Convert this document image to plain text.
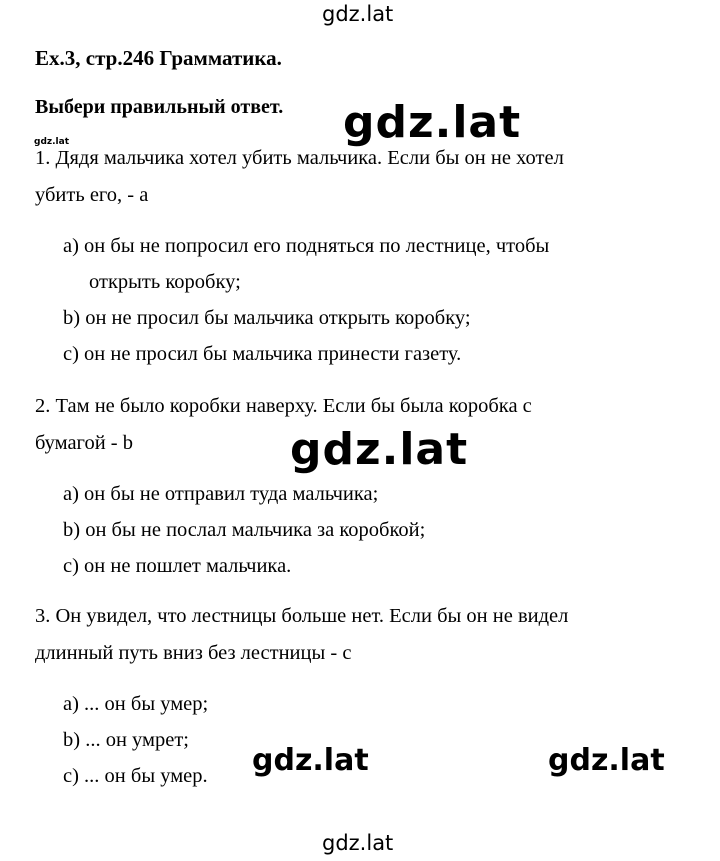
gdz.lat
gdz.lat	gdz.lat
gdz.lat
gdz.lat	gdz.lat
gdz.lat
Ex.3, стр.246 Грамматика.
Выбери правильный ответ.
1. Дядя мальчика хотел убить мальчика. Если бы он не хотел
убить его, - a
a) он бы не попросил его подняться по лестнице, чтобы
открыть коробку;
b) он не просил бы мальчика открыть коробку;
c) он не просил бы мальчика принести газету.
2. Там не было коробки наверху. Если бы была коробка с
бумагой - b
a) он бы не отправил туда мальчика;
b) он бы не послал мальчика за коробкой;
c) он не пошлет мальчика.
3. Он увидел, что лестницы больше нет. Если бы он не видел
длинный путь вниз без лестницы - c
a) ... он бы умер;
b) ... он умрет;
c) ... он бы умер.
